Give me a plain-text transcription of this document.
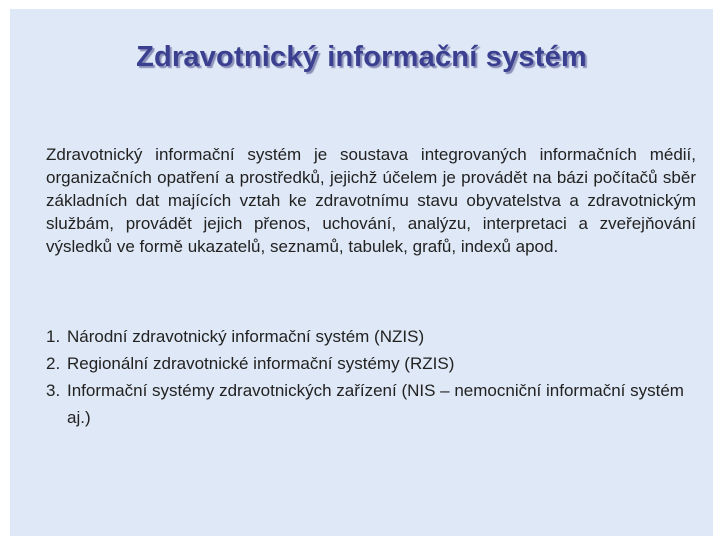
Zdravotnický informační systém

Zdravotnický informační systém je soustava integrovaných informačních médií, organizačních opatření a prostředků, jejichž účelem je provádět na bázi počítačů sběr základních dat majících vztah ke zdravotnímu stavu obyvatelstva a zdravotnickým službám, provádět jejich přenos, uchování, analýzu, interpretaci a zveřejňování výsledků ve formě ukazatelů, seznamů, tabulek, grafů, indexů apod.

1. Národní zdravotnický informační systém (NZIS)
2. Regionální zdravotnické informační systémy (RZIS)
3. Informační systémy zdravotnických zařízení (NIS – nemocniční informační systém aj.)
